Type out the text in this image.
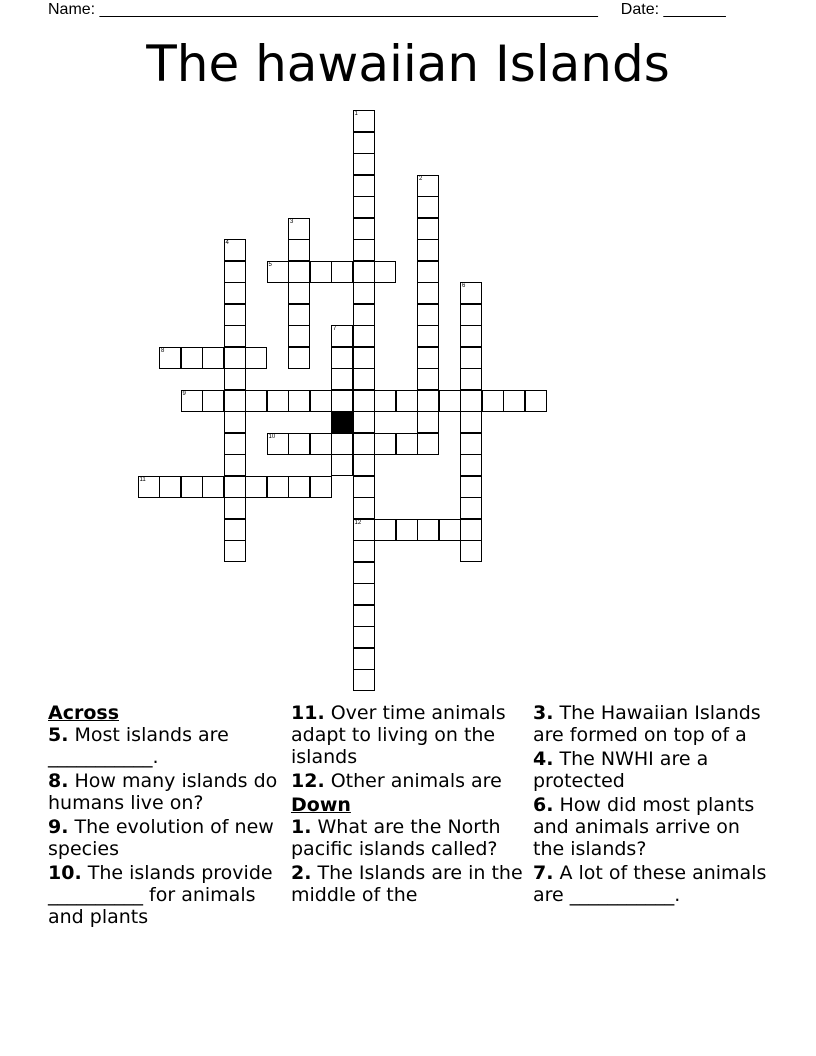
Name: ________________________________________________________ Date: _______
The hawaiian Islands
1
12
2
3
4
5
6
7
8
9
10
11
Across
5. Most islands are ___________.
8. How many islands do humans live on?
9. The evolution of new species
10. The islands provide __________ for animals and plants
11. Over time animals adapt to living on the islands
12. Other animals are
Down
1. What are the North pacific islands called?
2. The Islands are in the middle of the
3. The Hawaiian Islands are formed on top of a
4. The NWHI are a protected
6. How did most plants and animals arrive on the islands?
7. A lot of these animals are ___________.
